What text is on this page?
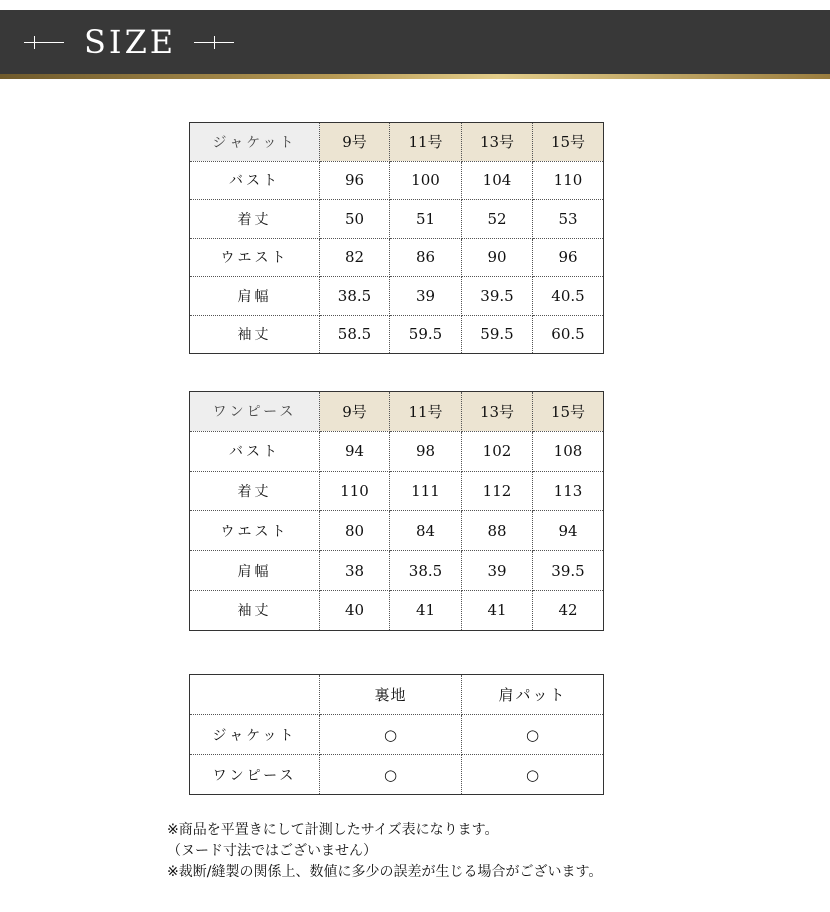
SIZE
ジャケット	9号	11号	13号	15号
バスト	96	100	104	110
着丈	50	51	52	53
ウエスト	82	86	90	96
肩幅	38.5	39	39.5	40.5
袖丈	58.5	59.5	59.5	60.5
ワンピース	9号	11号	13号	15号
バスト	94	98	102	108
着丈	110	111	112	113
ウエスト	80	84	88	94
肩幅	38	38.5	39	39.5
袖丈	40	41	41	42
	裏地	肩パット
ジャケット	○	○
ワンピース	○	○
※商品を平置きにして計測したサイズ表になります。
（ヌード寸法ではございません）
※裁断/縫製の関係上、数値に多少の誤差が生じる場合がございます。
